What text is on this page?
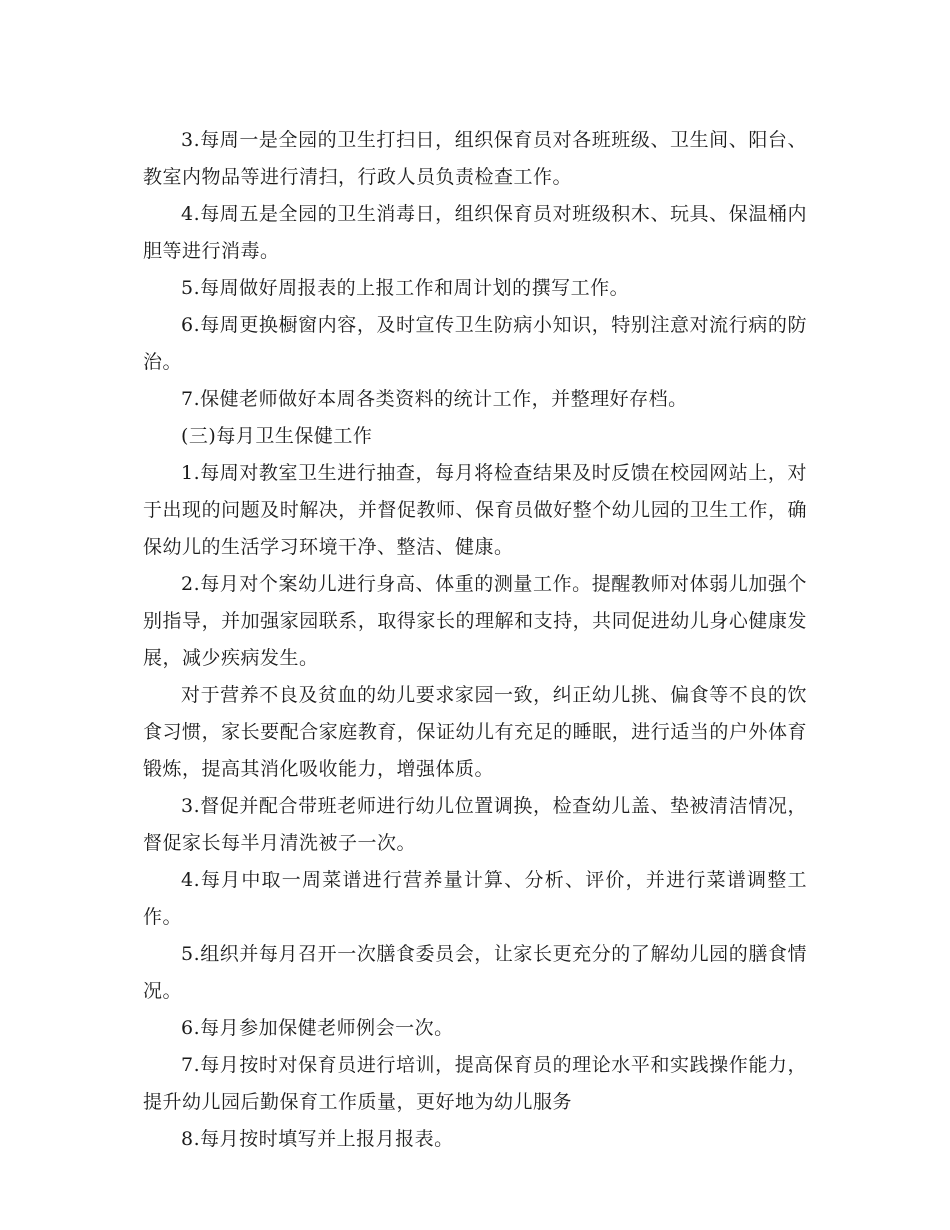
3.每周一是全园的卫生打扫日，组织保育员对各班班级、卫生间、阳台、教室内物品等进行清扫，行政人员负责检查工作。

4.每周五是全园的卫生消毒日，组织保育员对班级积木、玩具、保温桶内胆等进行消毒。

5.每周做好周报表的上报工作和周计划的撰写工作。

6.每周更换橱窗内容，及时宣传卫生防病小知识，特别注意对流行病的防治。

7.保健老师做好本周各类资料的统计工作，并整理好存档。

(三)每月卫生保健工作

1.每周对教室卫生进行抽查，每月将检查结果及时反馈在校园网站上，对于出现的问题及时解决，并督促教师、保育员做好整个幼儿园的卫生工作，确保幼儿的生活学习环境干净、整洁、健康。

2.每月对个案幼儿进行身高、体重的测量工作。提醒教师对体弱儿加强个别指导，并加强家园联系，取得家长的理解和支持，共同促进幼儿身心健康发展，减少疾病发生。

对于营养不良及贫血的幼儿要求家园一致，纠正幼儿挑、偏食等不良的饮食习惯，家长要配合家庭教育，保证幼儿有充足的睡眠，进行适当的户外体育锻炼，提高其消化吸收能力，增强体质。

3.督促并配合带班老师进行幼儿位置调换，检查幼儿盖、垫被清洁情况，督促家长每半月清洗被子一次。

4.每月中取一周菜谱进行营养量计算、分析、评价，并进行菜谱调整工作。

5.组织并每月召开一次膳食委员会，让家长更充分的了解幼儿园的膳食情况。

6.每月参加保健老师例会一次。

7.每月按时对保育员进行培训，提高保育员的理论水平和实践操作能力，提升幼儿园后勤保育工作质量，更好地为幼儿服务

8.每月按时填写并上报月报表。
